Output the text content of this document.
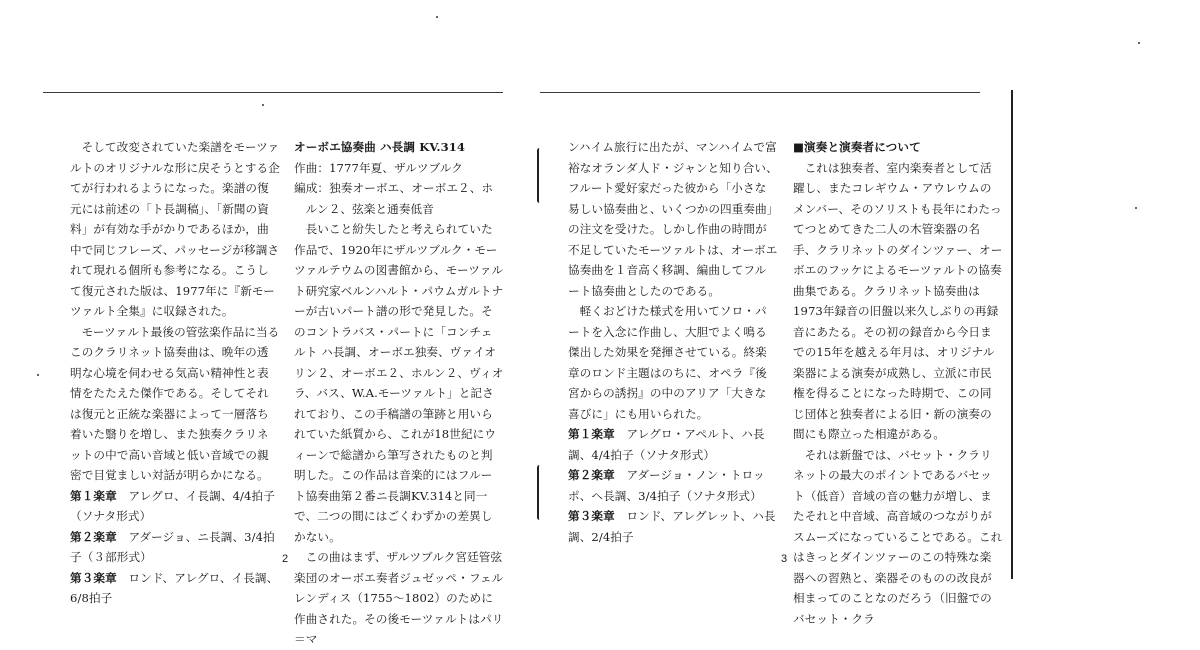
そして改変されていた楽譜をモーツァルトのオリジナルな形に戻そうとする企てが行われるようになった。楽譜の復元には前述の「ト長調稿」、「新聞の資料」が有効な手がかりであるほか，曲中で同じフレーズ、パッセージが移調されて現れる個所も参考になる。こうして復元された版は、1977年に『新モーツァルト全集』に収録された。

モーツァルト最後の管弦楽作品に当るこのクラリネット協奏曲は、晩年の透明な心境を伺わせる気高い精神性と表情をたたえた傑作である。そしてそれは復元と正統な楽器によって一層落ち着いた翳りを増し、また独奏クラリネットの中で高い音域と低い音域での親密で目覚ましい対話が明らかになる。

第１楽章　 アレグロ、イ長調、4/4拍子（ソナタ形式）

第２楽章　 アダージョ、ニ長調、3/4拍子（３部形式）

第３楽章　 ロンド、アレグロ、イ長調、6/8拍子

オーボエ協奏曲 ハ長調 KV.314

作曲：1777年夏、ザルツブルク

編成：独奏オーボエ、オーボエ２、ホルン２、弦楽と通奏低音

長いこと紛失したと考えられていた作品で、1920年にザルツブルク・モーツァルテウムの図書館から、モーツァルト研究家ベルンハルト・パウムガルトナーが古いパート譜の形で発見した。そのコントラバス・パートに「コンチェルト ハ長調、オーボエ独奏、ヴァイオリン２、オーボエ２、ホルン２、ヴィオラ、バス、W.A.モーツァルト」と記されており、この手稿譜の筆跡と用いられていた紙質から、これが18世紀にウィーンで総譜から筆写されたものと判明した。この作品は音楽的にはフルート協奏曲第２番ニ長調KV.314と同一で、二つの間にはごくわずかの差異しかない。

この曲はまず、ザルツブルク宮廷管弦楽団のオーボエ奏者ジュゼッペ・フェルレンディス（1755〜1802）のために作曲された。その後モーツァルトはパリ＝マ

ンハイム旅行に出たが、マンハイムで富裕なオランダ人ド・ジャンと知り合い、フルート愛好家だった彼から「小さな易しい協奏曲と、いくつかの四重奏曲」の注文を受けた。しかし作曲の時間が不足していたモーツァルトは、オーボエ協奏曲を１音高く移調、編曲してフルート協奏曲としたのである。

軽くおどけた様式を用いてソロ・パートを入念に作曲し、大胆でよく鳴る傑出した効果を発揮させている。終楽章のロンド主題はのちに、オペラ『後宮からの誘拐』の中のアリア「大きな喜びに」にも用いられた。

第１楽章　 アレグロ・アペルト、ハ長調、4/4拍子（ソナタ形式）

第２楽章　 アダージョ・ノン・トロッポ、ヘ長調、3/4拍子（ソナタ形式）

第３楽章　 ロンド、アレグレット、ハ長調、2/4拍子

■演奏と演奏者について

これは独奏者、室内楽奏者として活躍し、またコレギウム・アウレウムのメンバー、そのソリストも長年にわたってつとめてきた二人の木管楽器の名手、クラリネットのダインツァー、オーボエのフッケによるモーツァルトの協奏曲集である。クラリネット協奏曲は1973年録音の旧盤以来久しぶりの再録音にあたる。その初の録音から今日までの15年を越える年月は、オリジナル楽器による演奏が成熟し、立派に市民権を得ることになった時期で、この同じ団体と独奏者による旧・新の演奏の間にも際立った相違がある。

それは新盤では、バセット・クラリネットの最大のポイントであるバセット（低音）音域の音の魅力が増し、またそれと中音域、高音域のつながりがスムーズになっていることである。これはきっとダインツァーのこの特殊な楽器への習熟と、楽器そのものの改良が相まってのことなのだろう（旧盤でのバセット・クラ

2	3
